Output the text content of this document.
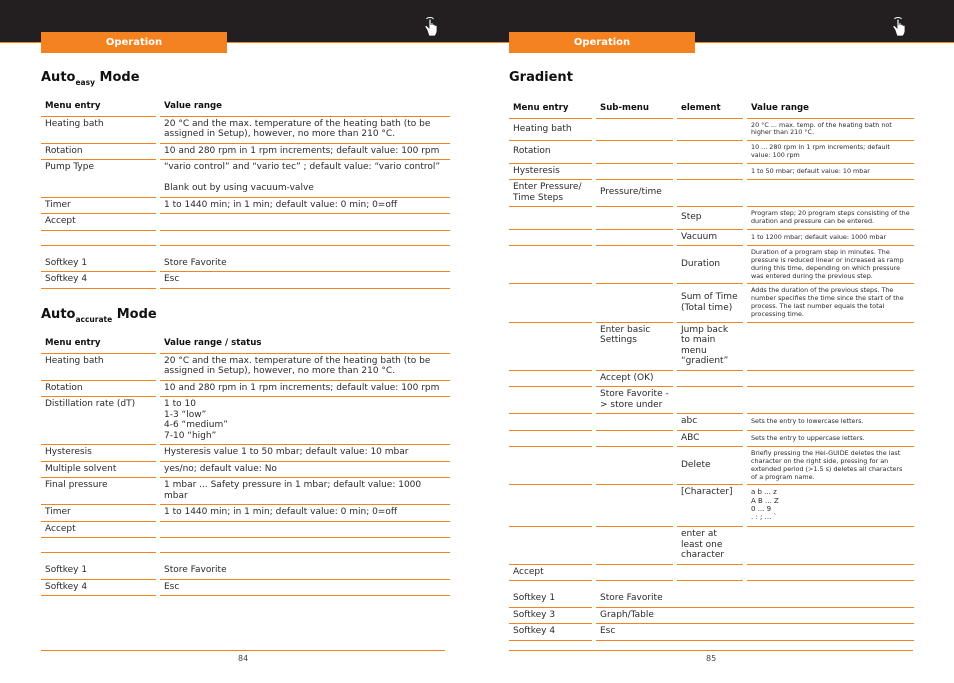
Operation
Auto$_{easy}$ Mode
Menu entry	Value range
Heating bath	20 °C and the max. temperature of the heating bath (to be assigned in Setup), however, no more than 210 °C.
Rotation	10 and 280 rpm in 1 rpm increments; default value: 100 rpm
Pump Type	“vario control” and “vario tec” ; default value: “vario control”

Blank out by using vacuum-valve
Timer	1 to 1440 min; in 1 min; default value: 0 min; 0=off
Accept	

Softkey 1	Store Favorite
Softkey 4	Esc
Auto$_{accurate}$ Mode
Menu entry	Value range / status
Heating bath	20 °C and the max. temperature of the heating bath (to be assigned in Setup), however, no more than 210 °C.
Rotation	10 and 280 rpm in 1 rpm increments; default value: 100 rpm
Distillation rate (dT)	1 to 10
1-3 “low”
4-6 “medium”
7-10 “high”
Hysteresis	Hysteresis value 1 to 50 mbar; default value: 10 mbar
Multiple solvent	yes/no; default value: No
Final pressure	1 mbar ... Safety pressure in 1 mbar; default value: 1000 mbar
Timer	1 to 1440 min; in 1 min; default value: 0 min; 0=off
Accept	

Softkey 1	Store Favorite
Softkey 4	Esc
84
Operation
Gradient
Menu entry	Sub-menu	element	Value range
Heating bath			20 °C ... max. temp. of the heating bath not higher than 210 °C.
Rotation			10 ... 280 rpm in 1 rpm increments; default value: 100 rpm
Hysteresis			1 to 50 mbar; default value: 10 mbar
Enter Pressure/ Time Steps	Pressure/time		
		Step	Program step; 20 program steps consisting of the duration and pressure can be entered.
		Vacuum	1 to 1200 mbar; default value: 1000 mbar
		Duration	Duration of a program step in minutes. The pressure is reduced linear or increased as ramp during this time, depending on which pressure was entered during the previous step.
		Sum of Time (Total time)	Adds the duration of the previous steps. The number specifies the time since the start of the process. The last number equals the total processing time.
	Enter basic Settings	Jump back to main menu “gradient”	
	Accept (OK)		
	Store Favorite -> store under		
		abc	Sets the entry to lowercase letters.
		ABC	Sets the entry to uppercase letters.
		Delete	Briefly pressing the Hei-GUIDE deletes the last character on the right side, pressing for an extended period (>1.5 s) deletes all characters of a program name.
		[Character]	a b ... z
A B ... Z
0 ... 9
. : ; ... `
		enter at least one character	
Accept			

Softkey 1	Store Favorite		
Softkey 3	Graph/Table		
Softkey 4	Esc		
85
